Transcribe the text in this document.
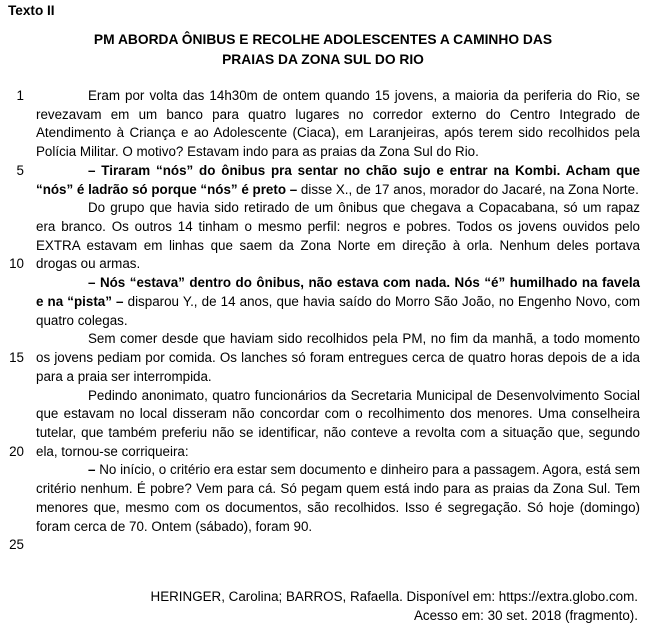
Texto II
PM ABORDA ÔNIBUS E RECOLHE ADOLESCENTES A CAMINHO DAS
PRAIAS DA ZONA SUL DO RIO
1
5
10
15
20
25

Eram por volta das 14h30m de ontem quando 15 jovens, a maioria da periferia do Rio, se revezavam em um banco para quatro lugares no corredor externo do Centro Integrado de Atendimento à Criança e ao Adolescente (Ciaca), em Laranjeiras, após terem sido recolhidos pela Polícia Militar. O motivo? Estavam indo para as praias da Zona Sul do Rio.

– Tiraram “nós” do ônibus pra sentar no chão sujo e entrar na Kombi. Acham que “nós” é ladrão só porque “nós” é preto – disse X., de 17 anos, morador do Jacaré, na Zona Norte.

Do grupo que havia sido retirado de um ônibus que chegava a Copacabana, só um rapaz era branco. Os outros 14 tinham o mesmo perfil: negros e pobres. Todos os jovens ouvidos pelo EXTRA estavam em linhas que saem da Zona Norte em direção à orla. Nenhum deles portava drogas ou armas.

– Nós “estava” dentro do ônibus, não estava com nada. Nós “é” humilhado na favela e na “pista” – disparou Y., de 14 anos, que havia saído do Morro São João, no Engenho Novo, com quatro colegas.

Sem comer desde que haviam sido recolhidos pela PM, no fim da manhã, a todo momento os jovens pediam por comida. Os lanches só foram entregues cerca de quatro horas depois de a ida para a praia ser interrompida.

Pedindo anonimato, quatro funcionários da Secretaria Municipal de Desenvolvimento Social que estavam no local disseram não concordar com o recolhimento dos menores. Uma conselheira tutelar, que também preferiu não se identificar, não conteve a revolta com a situação que, segundo ela, tornou-se corriqueira:

– No início, o critério era estar sem documento e dinheiro para a passagem. Agora, está sem critério nenhum. É pobre? Vem para cá. Só pegam quem está indo para as praias da Zona Sul. Tem menores que, mesmo com os documentos, são recolhidos. Isso é segregação. Só hoje (domingo) foram cerca de 70. Ontem (sábado), foram 90.

HERINGER, Carolina; BARROS, Rafaella. Disponível em: https://extra.globo.com.
Acesso em: 30 set. 2018 (fragmento).
